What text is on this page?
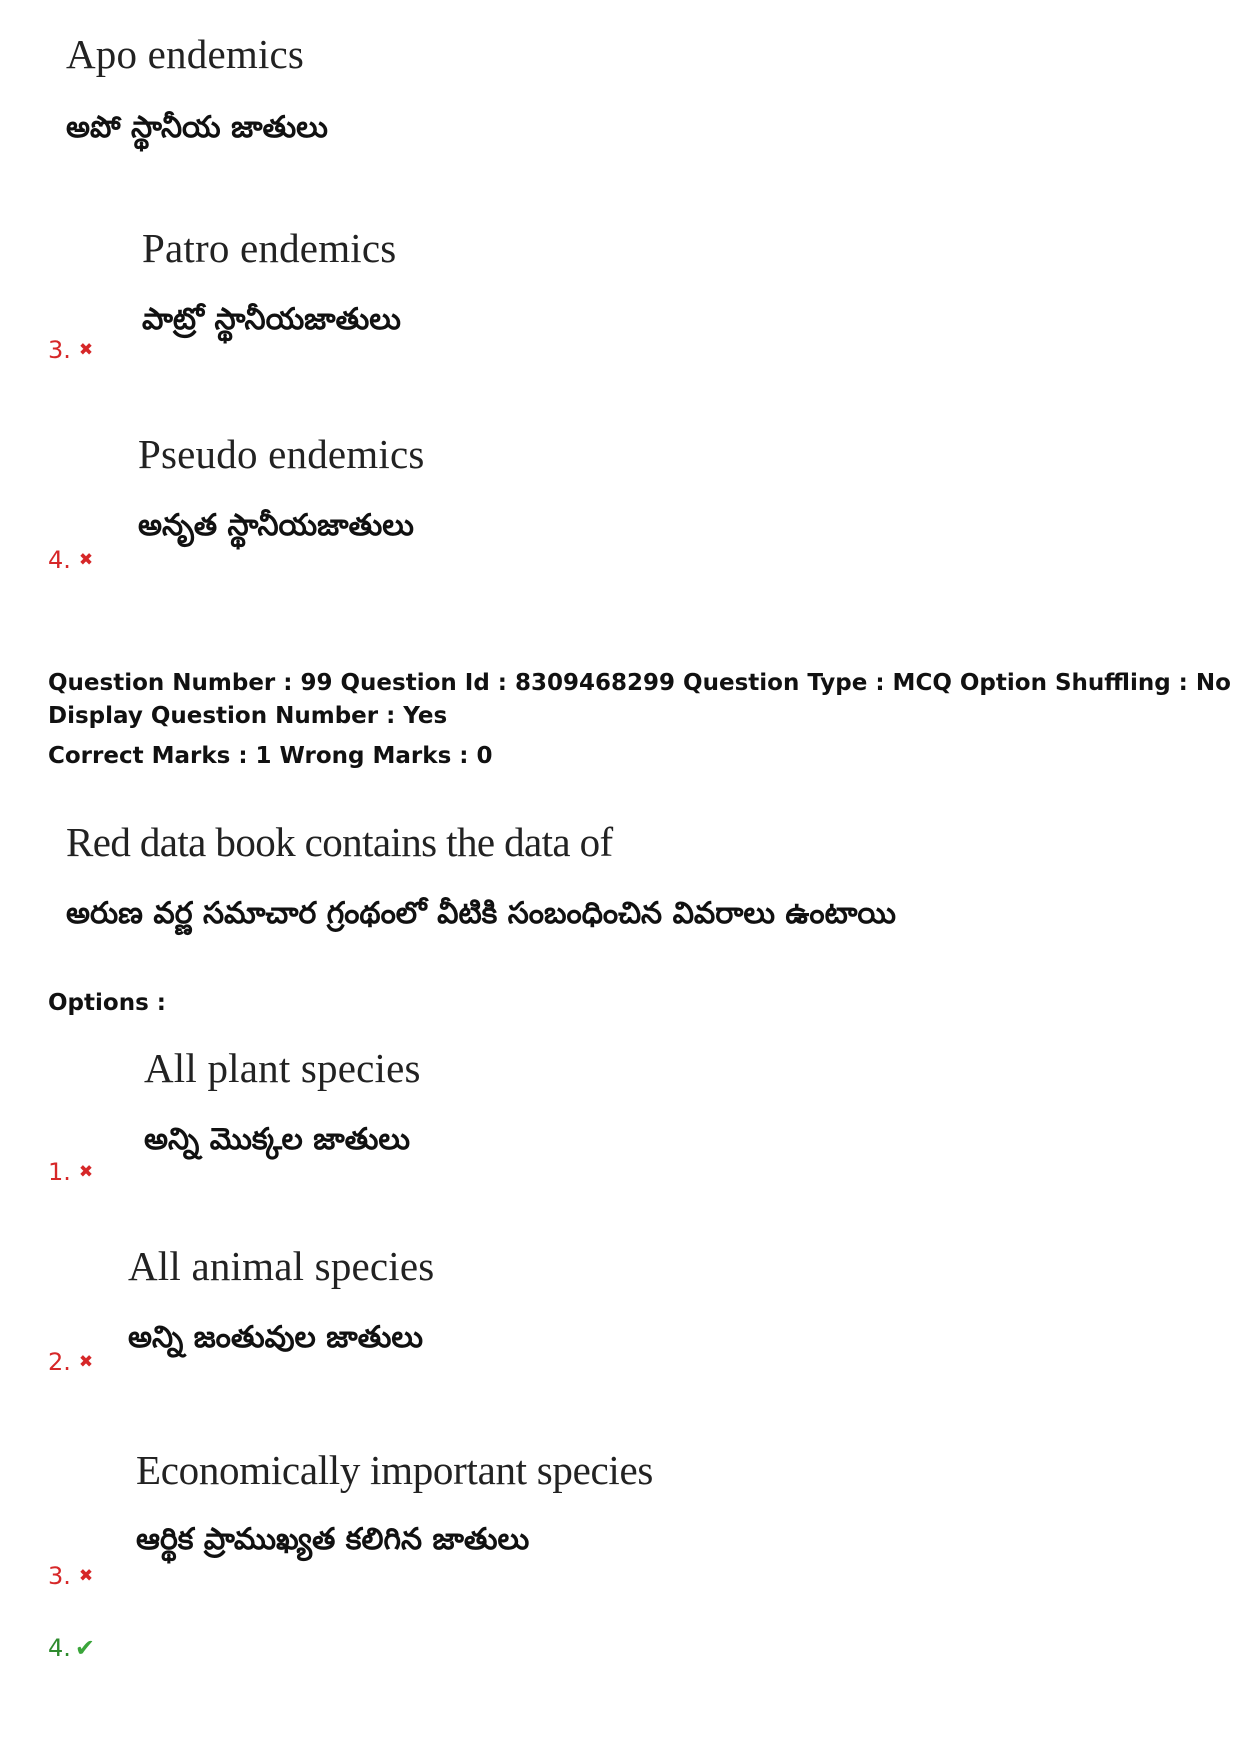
Apo endemics
అపో స్థానీయ జాతులు
Patro endemics
పాట్రో స్థానీయజాతులు
3. ✖
Pseudo endemics
అనృత స్థానీయజాతులు
4. ✖
Question Number : 99 Question Id : 8309468299 Question Type : MCQ Option Shuffling : No
Display Question Number : Yes
Correct Marks : 1 Wrong Marks : 0
Red data book contains the data of
అరుణ వర్ణ సమాచార గ్రంథంలో వీటికి సంబంధించిన వివరాలు ఉంటాయి
Options :
All plant species
అన్ని మొక్కల జాతులు
1. ✖
All animal species
అన్ని జంతువుల జాతులు
2. ✖
Economically important species
ఆర్థిక ప్రాముఖ్యత కలిగిన జాతులు
3. ✖
4. ✔
